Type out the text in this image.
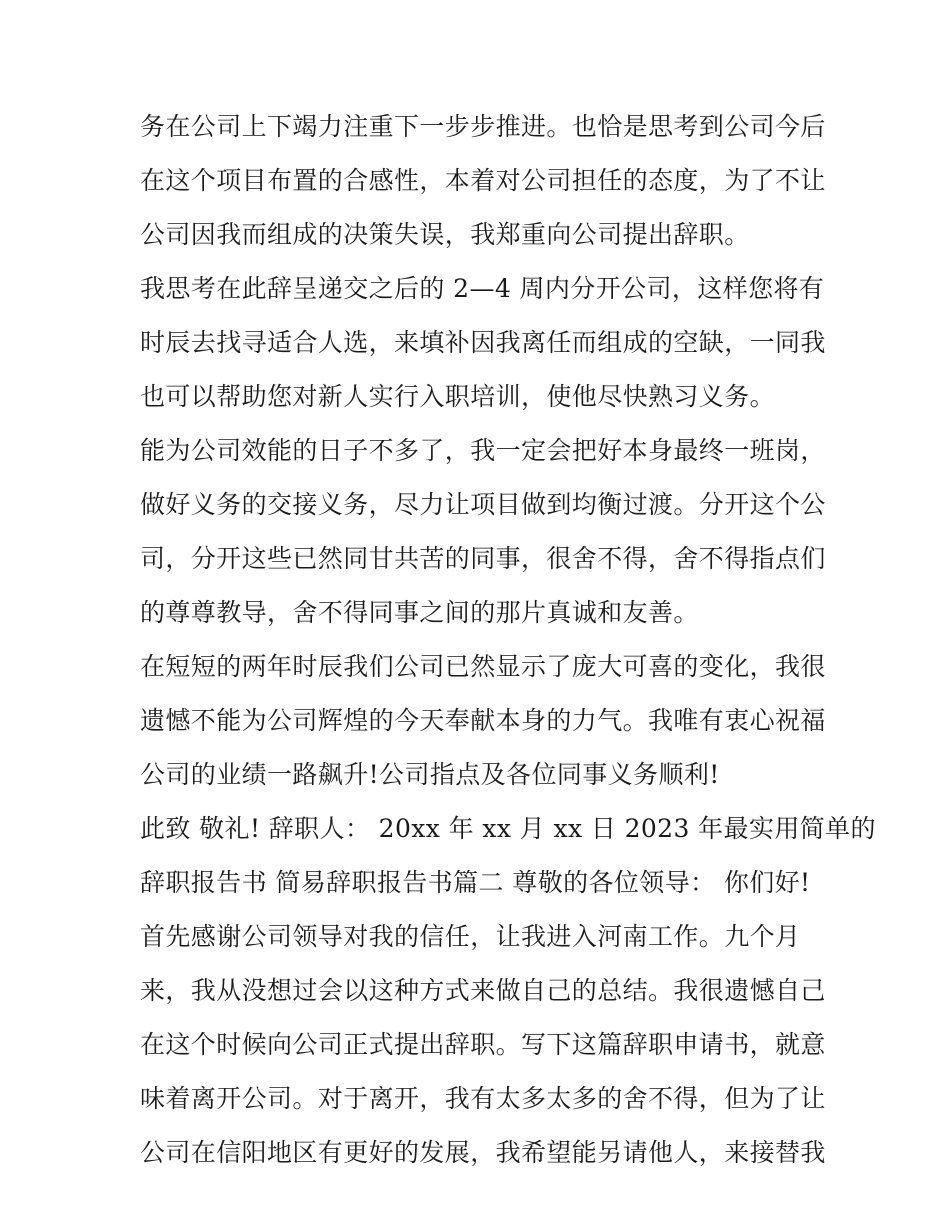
务在公司上下竭力注重下一步步推进。也恰是思考到公司今后
在这个项目布置的合感性，本着对公司担任的态度，为了不让
公司因我而组成的决策失误，我郑重向公司提出辞职。
我思考在此辞呈递交之后的 2—4 周内分开公司，这样您将有
时辰去找寻适合人选，来填补因我离任而组成的空缺，一同我
也可以帮助您对新人实行入职培训，使他尽快熟习义务。
能为公司效能的日子不多了，我一定会把好本身最终一班岗，
做好义务的交接义务，尽力让项目做到均衡过渡。分开这个公
司，分开这些已然同甘共苦的同事，很舍不得，舍不得指点们
的尊尊教导，舍不得同事之间的那片真诚和友善。
在短短的两年时辰我们公司已然显示了庞大可喜的变化，我很
遗憾不能为公司辉煌的今天奉献本身的力气。我唯有衷心祝福
公司的业绩一路飙升!公司指点及各位同事义务顺利!
此致 敬礼! 辞职人： 20xx 年 xx 月 xx 日 2023 年最实用简单的
辞职报告书 简易辞职报告书篇二 尊敬的各位领导： 你们好!
首先感谢公司领导对我的信任，让我进入河南工作。九个月
来，我从没想过会以这种方式来做自己的总结。我很遗憾自己
在这个时候向公司正式提出辞职。写下这篇辞职申请书，就意
味着离开公司。对于离开，我有太多太多的舍不得，但为了让
公司在信阳地区有更好的发展，我希望能另请他人，来接替我
